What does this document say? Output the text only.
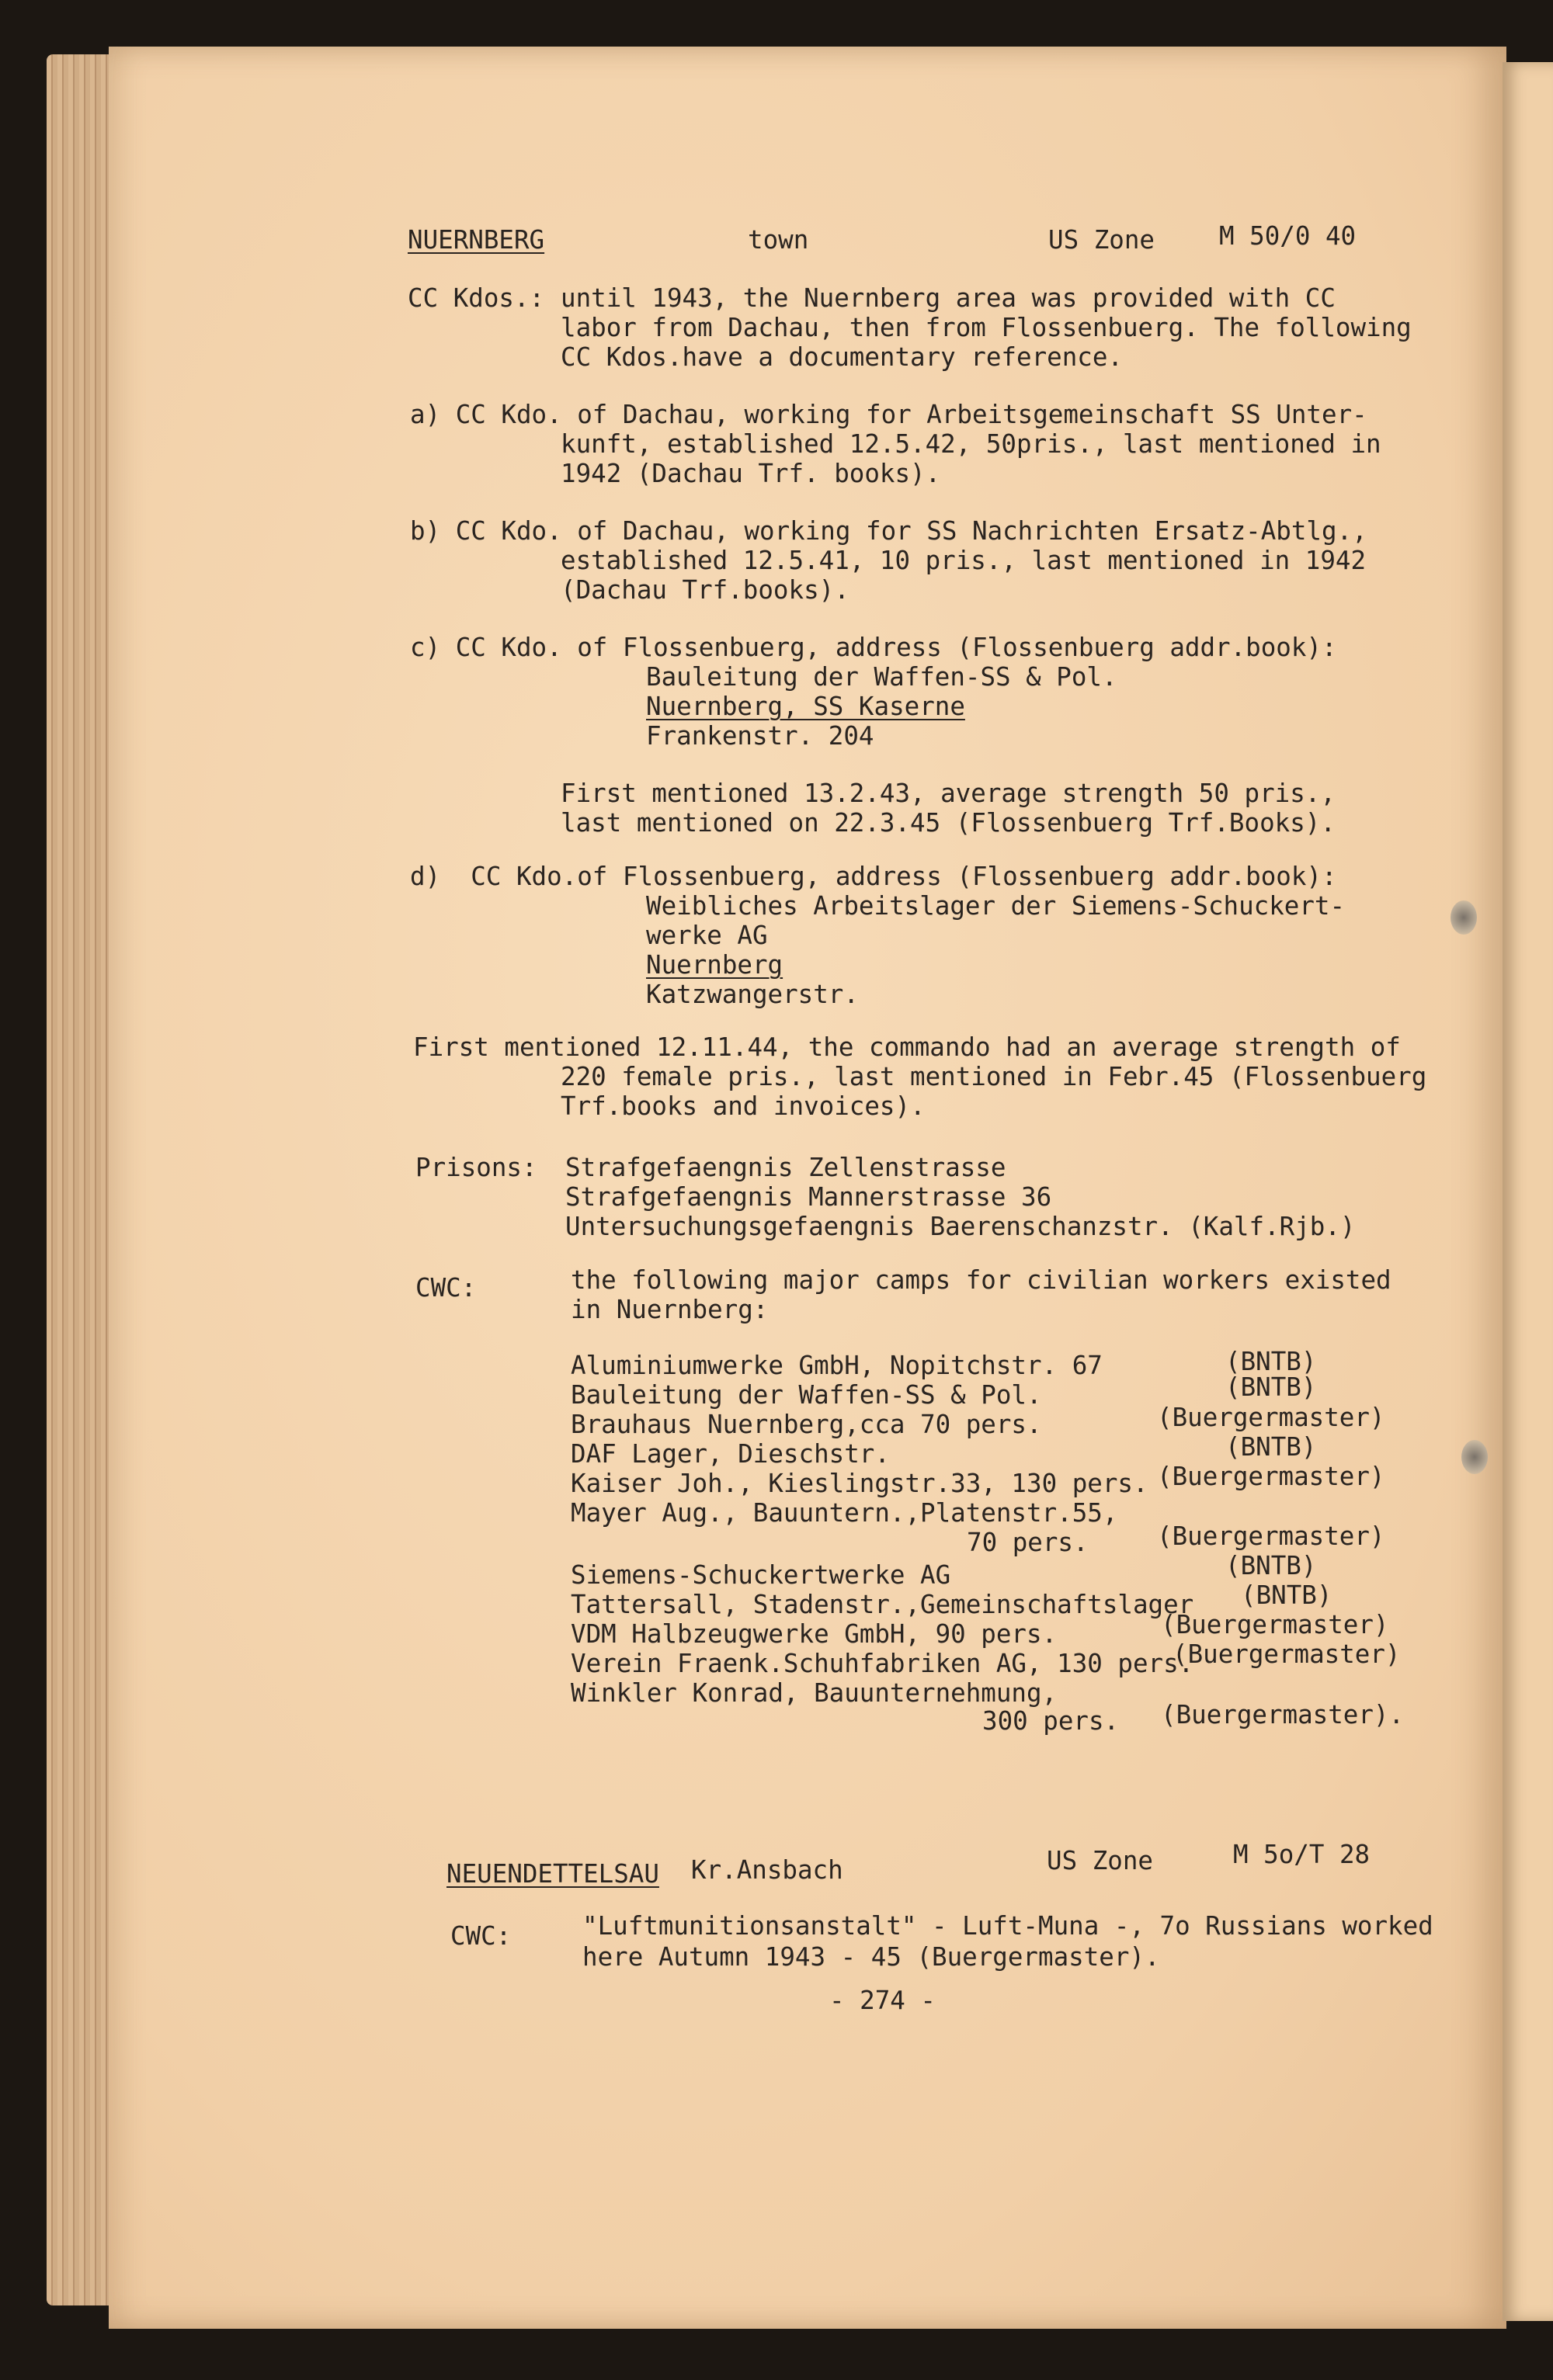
NUERNBERG	town	US Zone	M 50/0 40
CC Kdos.: until 1943, the Nuernberg area was provided with CC
labor from Dachau, then from Flossenbuerg. The following
CC Kdos.have a documentary reference.
a) CC Kdo. of Dachau, working for Arbeitsgemeinschaft SS Unter-
kunft, established 12.5.42, 50pris., last mentioned in
1942 (Dachau Trf. books).
b) CC Kdo. of Dachau, working for SS Nachrichten Ersatz-Abtlg.,
established 12.5.41, 10 pris., last mentioned in 1942
(Dachau Trf.books).
c) CC Kdo. of Flossenbuerg, address (Flossenbuerg addr.book):
Bauleitung der Waffen-SS & Pol.
Nuernberg, SS Kaserne
Frankenstr. 204
First mentioned 13.2.43, average strength 50 pris.,
last mentioned on 22.3.45 (Flossenbuerg Trf.Books).
d)  CC Kdo.of Flossenbuerg, address (Flossenbuerg addr.book):
Weibliches Arbeitslager der Siemens-Schuckert-
werke AG
Nuernberg
Katzwangerstr.
First mentioned 12.11.44, the commando had an average strength of
220 female pris., last mentioned in Febr.45 (Flossenbuerg
Trf.books and invoices).
Prisons: Strafgefaengnis Zellenstrasse
Strafgefaengnis Mannerstrasse 36
Untersuchungsgefaengnis Baerenschanzstr. (Kalf.Rjb.)
CWC:	the following major camps for civilian workers existed
in Nuernberg:
Aluminiumwerke GmbH, Nopitchstr. 67	(BNTB)
Bauleitung der Waffen-SS & Pol.	(BNTB)
Brauhaus Nuernberg,cca 70 pers.	(Buergermaster)
DAF Lager, Dieschstr.	(BNTB)
Kaiser Joh., Kieslingstr.33, 130 pers. (Buergermaster)
Mayer Aug., Bauuntern.,Platenstr.55,
70 pers.	(Buergermaster)
Siemens-Schuckertwerke AG	(BNTB)
Tattersall, Stadenstr.,Gemeinschaftslager (BNTB)
VDM Halbzeugwerke GmbH, 90 pers.	(Buergermaster)
Verein Fraenk.Schuhfabriken AG, 130 pers.
(Buergermaster)
Winkler Konrad, Bauunternehmung,
300 pers. (Buergermaster).
NEUENDETTELSAU Kr.Ansbach	US Zone	M 5o/T 28
CWC:	"Luftmunitionsanstalt" - Luft-Muna -, 7o Russians worked
here Autumn 1943 - 45 (Buergermaster).
- 274 -
